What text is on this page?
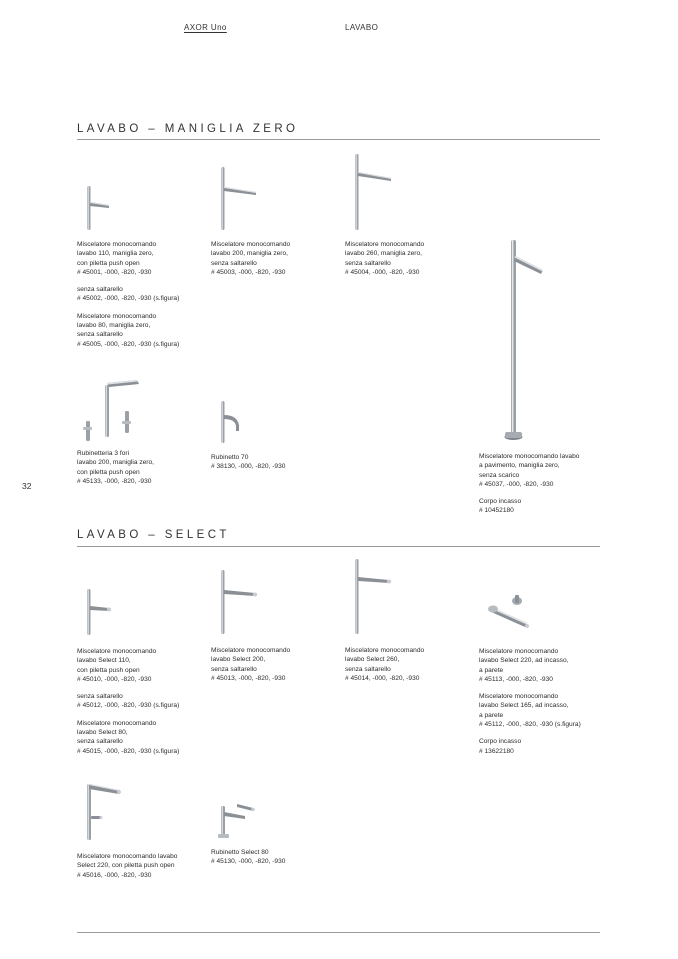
AXOR Uno	LAVABO
LAVABO – MANIGLIA ZERO
32

Miscelatore monocomando

lavabo 110, maniglia zero,

con piletta push open

# 45001, -000, -820, -930

senza saltarello

# 45002, -000, -820, -930 (s.figura)

Miscelatore monocomando

lavabo 80, maniglia zero,

senza saltarello

# 45005, -000, -820, -930 (s.figura)

Miscelatore monocomando

lavabo 200, maniglia zero,

senza saltarello

# 45003, -000, -820, -930

Miscelatore monocomando

lavabo 260, maniglia zero,

senza saltarello

# 45004, -000, -820, -930

Rubinetteria 3 fori

lavabo 200, maniglia zero,

con piletta push open

# 45133, -000, -820, -930

Rubinetto 70

# 38130, -000, -820, -930

Miscelatore monocomando lavabo

a pavimento, maniglia zero,

senza scarico

# 45037, -000, -820, -930

Corpo incasso

# 10452180

LAVABO – SELECT

Miscelatore monocomando

lavabo Select 110,

con piletta push open

# 45010, -000, -820, -930

senza saltarello

# 45012, -000, -820, -930 (s.figura)

Miscelatore monocomando

lavabo Select 80,

senza saltarello

# 45015, -000, -820, -930 (s.figura)

Miscelatore monocomando

lavabo Select 200,

senza saltarello

# 45013, -000, -820, -930

Miscelatore monocomando

lavabo Select 260,

senza saltarello

# 45014, -000, -820, -930

Miscelatore monocomando

lavabo Select 220, ad incasso,

a parete

# 45113, -000, -820, -930

Miscelatore monocomando

lavabo Select 165, ad incasso,

a parete

# 45112, -000, -820, -930 (s.figura)

Corpo incasso

# 13622180

Miscelatore monocomando lavabo

Select 220, con piletta push open

# 45016, -000, -820, -930

Rubinetto Select 80

# 45130, -000, -820, -930
